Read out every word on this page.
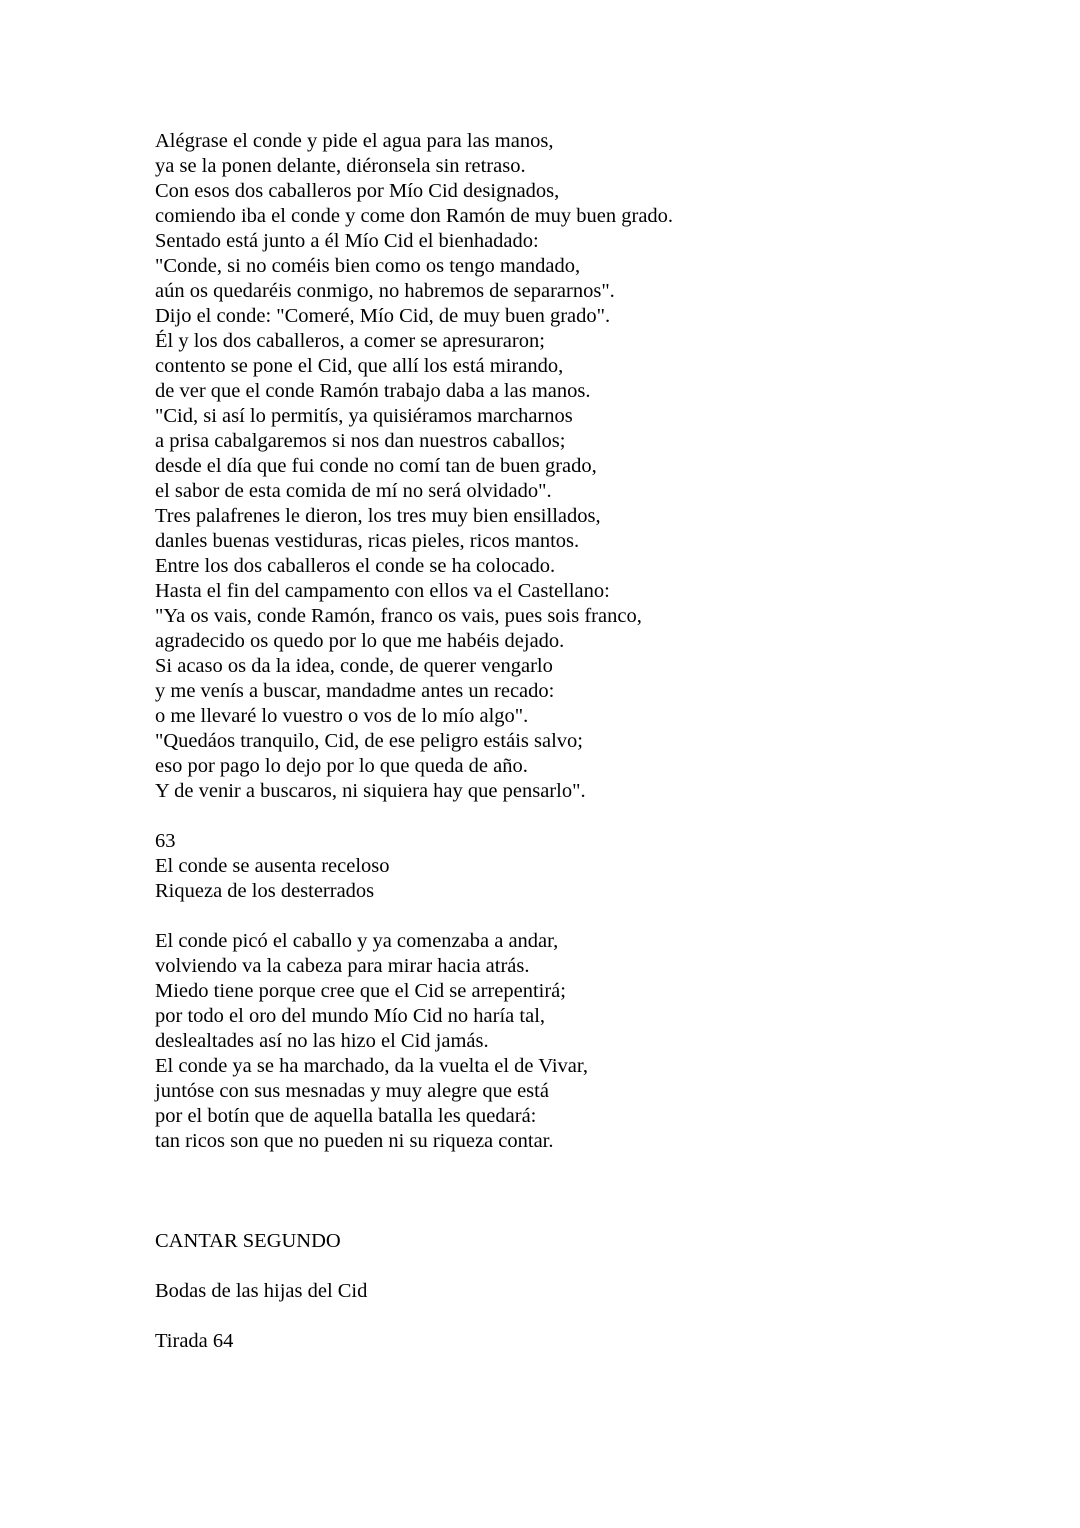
Alégrase el conde y pide el agua para las manos,
ya se la ponen delante, diéronsela sin retraso.
Con esos dos caballeros por Mío Cid designados,
comiendo iba el conde y come don Ramón de muy buen grado.
Sentado está junto a él Mío Cid el bienhadado:
"Conde, si no coméis bien como os tengo mandado,
aún os quedaréis conmigo, no habremos de separarnos".
Dijo el conde: "Comeré, Mío Cid, de muy buen grado".
Él y los dos caballeros, a comer se apresuraron;
contento se pone el Cid, que allí los está mirando,
de ver que el conde Ramón trabajo daba a las manos.
"Cid, si así lo permitís, ya quisiéramos marcharnos
a prisa cabalgaremos si nos dan nuestros caballos;
desde el día que fui conde no comí tan de buen grado,
el sabor de esta comida de mí no será olvidado".
Tres palafrenes le dieron, los tres muy bien ensillados,
danles buenas vestiduras, ricas pieles, ricos mantos.
Entre los dos caballeros el conde se ha colocado.
Hasta el fin del campamento con ellos va el Castellano:
"Ya os vais, conde Ramón, franco os vais, pues sois franco,
agradecido os quedo por lo que me habéis dejado.
Si acaso os da la idea, conde, de querer vengarlo
y me venís a buscar, mandadme antes un recado:
o me llevaré lo vuestro o vos de lo mío algo".
"Quedáos tranquilo, Cid, de ese peligro estáis salvo;
eso por pago lo dejo por lo que queda de año.
Y de venir a buscaros, ni siquiera hay que pensarlo".
63
El conde se ausenta receloso
Riqueza de los desterrados
El conde picó el caballo y ya comenzaba a andar,
volviendo va la cabeza para mirar hacia atrás.
Miedo tiene porque cree que el Cid se arrepentirá;
por todo el oro del mundo Mío Cid no haría tal,
deslealtades así no las hizo el Cid jamás.
El conde ya se ha marchado, da la vuelta el de Vivar,
juntóse con sus mesnadas y muy alegre que está
por el botín que de aquella batalla les quedará:
tan ricos son que no pueden ni su riqueza contar.
CANTAR SEGUNDO
Bodas de las hijas del Cid
Tirada 64
